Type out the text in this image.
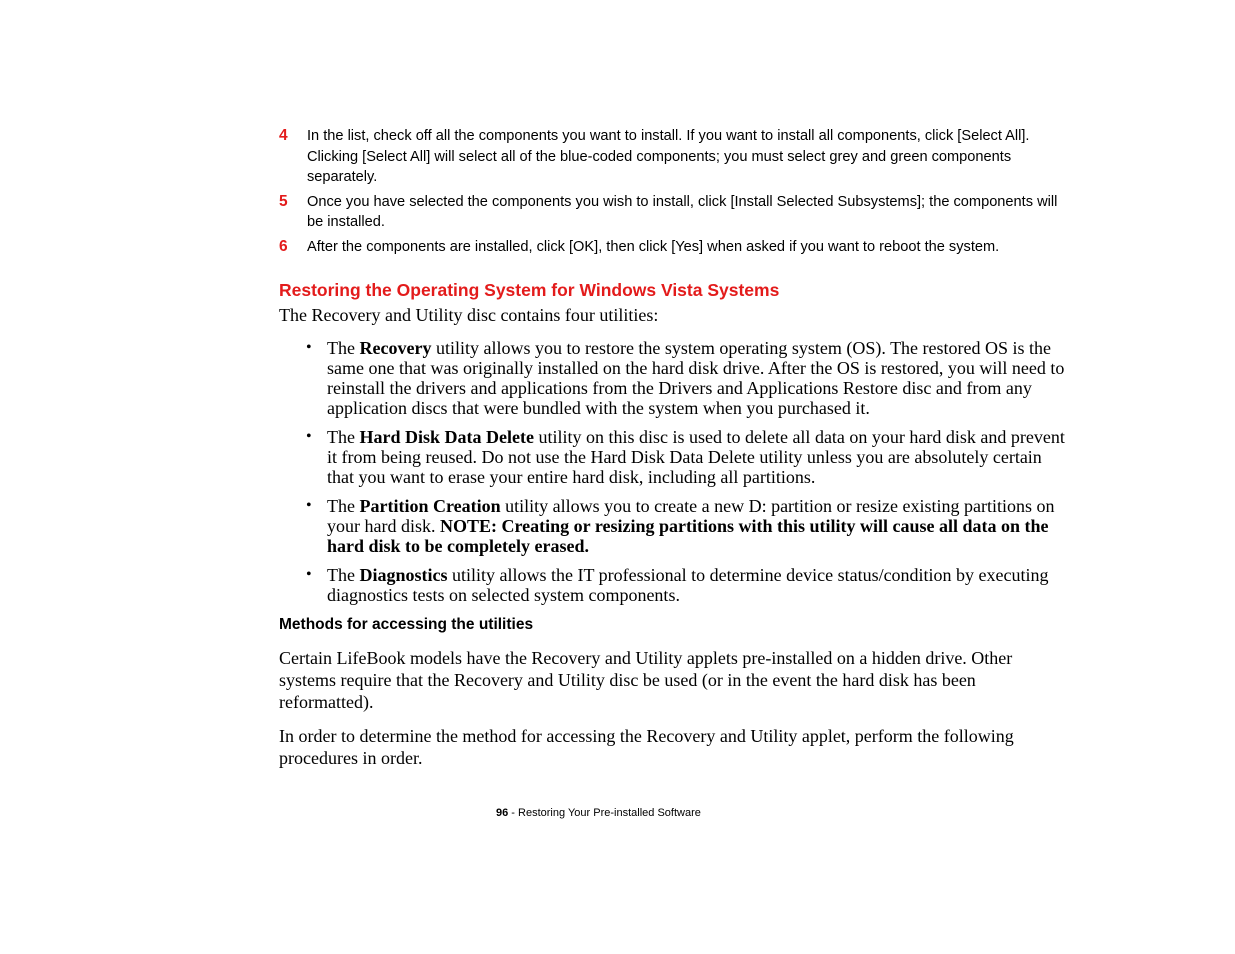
4	In the list, check off all the components you want to install. If you want to install all components, click [Select All]. Clicking [Select All] will select all of the blue-coded components; you must select grey and green components separately.
5	Once you have selected the components you wish to install, click [Install Selected Subsystems]; the components will be installed.
6	After the components are installed, click [OK], then click [Yes] when asked if you want to reboot the system.
Restoring the Operating System for Windows Vista Systems

The Recovery and Utility disc contains four utilities:

• The Recovery utility allows you to restore the system operating system (OS). The restored OS is the same one that was originally installed on the hard disk drive. After the OS is restored, you will need to reinstall the drivers and applications from the Drivers and Applications Restore disc and from any application discs that were bundled with the system when you purchased it.
• The Hard Disk Data Delete utility on this disc is used to delete all data on your hard disk and prevent it from being reused. Do not use the Hard Disk Data Delete utility unless you are absolutely certain that you want to erase your entire hard disk, including all partitions.
• The Partition Creation utility allows you to create a new D: partition or resize existing partitions on your hard disk. NOTE: Creating or resizing partitions with this utility will cause all data on the hard disk to be completely erased.
• The Diagnostics utility allows the IT professional to determine device status/condition by executing diagnostics tests on selected system components.
Methods for accessing the utilities

Certain LifeBook models have the Recovery and Utility applets pre-installed on a hidden drive. Other systems require that the Recovery and Utility disc be used (or in the event the hard disk has been reformatted).

In order to determine the method for accessing the Recovery and Utility applet, perform the following procedures in order.

96 - Restoring Your Pre-installed Software
